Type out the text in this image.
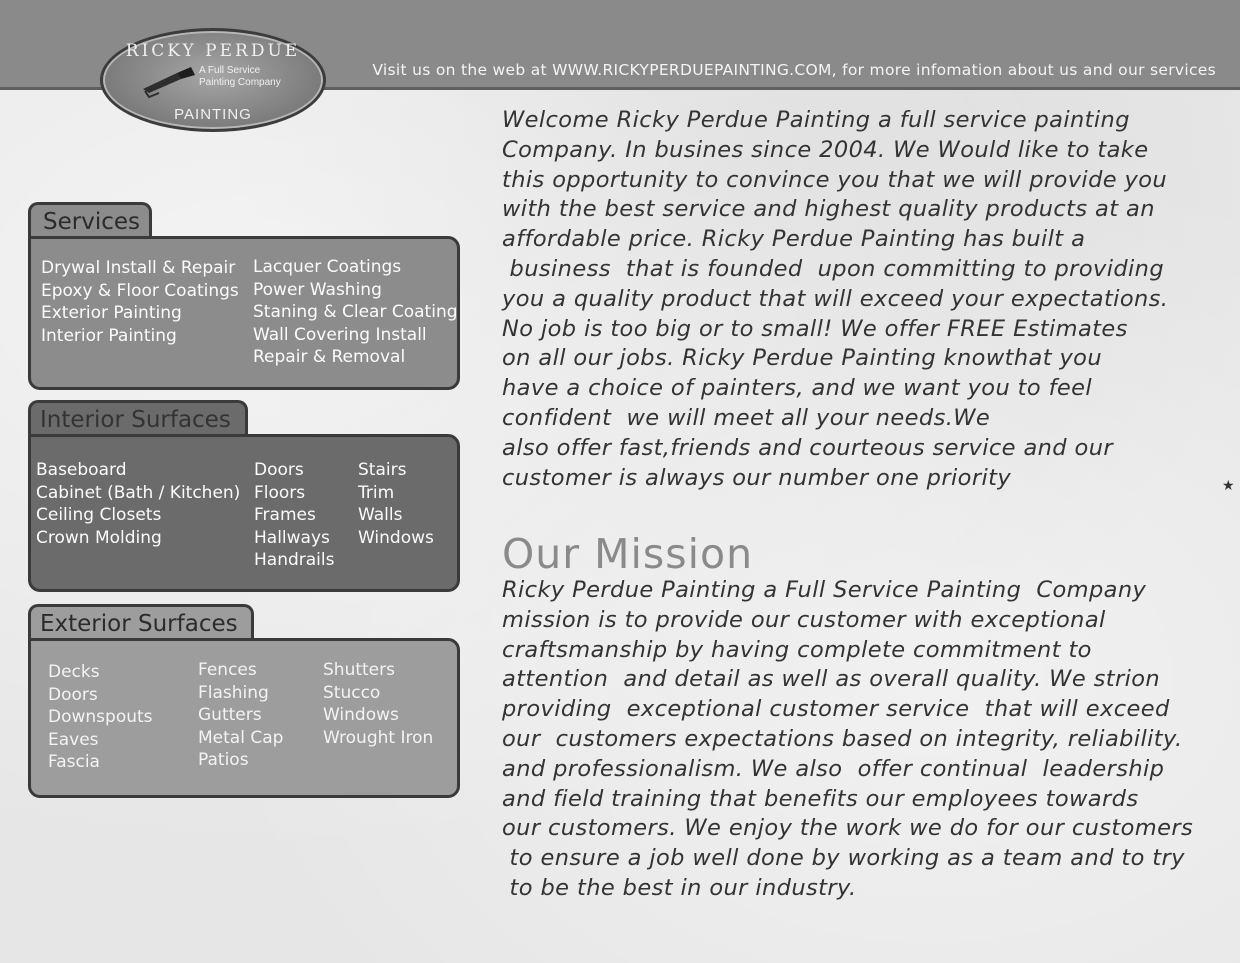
Visit us on the web at WWW.RICKYPERDUEPAINTING.COM, for more infomation about us and our services
RICKY PERDUE
A Full Service
Painting Company
PAINTING
Services
Drywal Install & Repair
Epoxy & Floor Coatings
Exterior Painting
Interior Painting
Lacquer Coatings
Power Washing
Staning & Clear Coating
Wall Covering Install
Repair & Removal
Interior Surfaces
Baseboard
Cabinet (Bath / Kitchen)
Ceiling Closets
Crown Molding
Doors
Floors
Frames
Hallways
Handrails
Stairs
Trim
Walls
Windows
Exterior Surfaces
Decks
Doors
Downspouts
Eaves
Fascia
Fences
Flashing
Gutters
Metal Cap
Patios
Shutters
Stucco
Windows
Wrought Iron
Welcome Ricky Perdue Painting a full service painting
Company. In busines since 2004. We Would like to take
this opportunity to convince you that we will provide you
with the best service and highest quality products at an
affordable price. Ricky Perdue Painting has built a
business  that is founded  upon committing to providing
you a quality product that will exceed your expectations.
No job is too big or to small! We offer FREE Estimates
on all our jobs. Ricky Perdue Painting knowthat you
have a choice of painters, and we want you to feel
confident  we will meet all your needs.We
also offer fast,friends and courteous service and our
customer is always our number one priority
Our Mission
Ricky Perdue Painting a Full Service Painting  Company
mission is to provide our customer with exceptional
craftsmanship by having complete commitment to
attention  and detail as well as overall quality. We strion
providing  exceptional customer service  that will exceed
our  customers expectations based on integrity, reliability.
and professionalism. We also  offer continual  leadership
and field training that benefits our employees towards
our customers. We enjoy the work we do for our customers
to ensure a job well done by working as a team and to try
to be the best in our industry.
★
